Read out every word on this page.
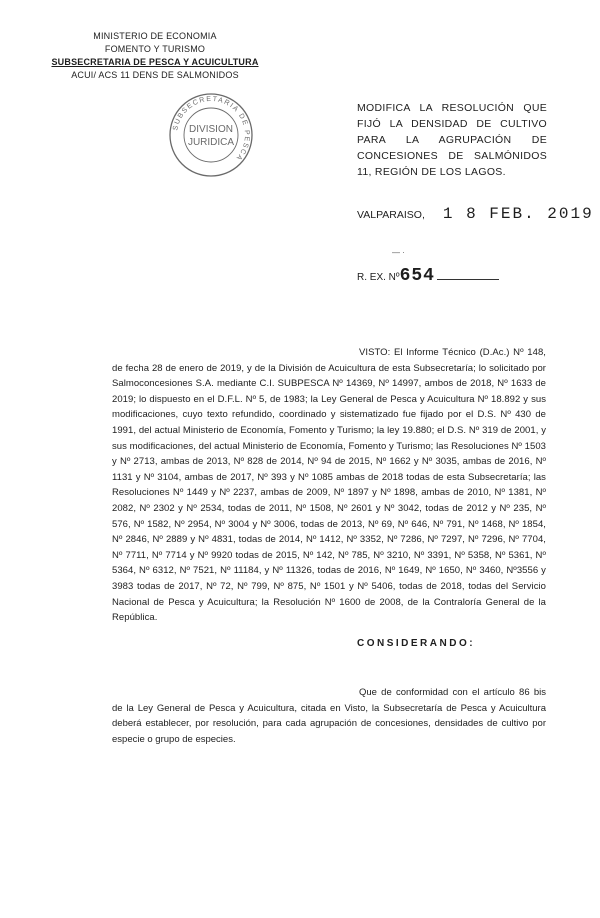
MINISTERIO DE ECONOMIA
FOMENTO Y TURISMO
SUBSECRETARIA DE PESCA Y ACUICULTURA
ACUI/ ACS 11 DENS DE SALMONIDOS
SUBSECRETARIA DE PESCA
DIVISION
JURIDICA
MODIFICA LA RESOLUCIÓN QUE FIJÓ LA DENSIDAD DE CULTIVO PARA LA AGRUPACIÓN DE CONCESIONES DE SALMÓNIDOS 11, REGIÓN DE LOS LAGOS.
VALPARAISO, 1 8 FEB. 2019
— ·
R. EX. Nº654
VISTO: El Informe Técnico (D.Ac.) Nº 148, de fecha 28 de enero de 2019, y de la División de Acuicultura de esta Subsecretaría; lo solicitado por Salmoconcesiones S.A. mediante C.I. SUBPESCA Nº 14369, Nº 14997, ambos de 2018, Nº 1633 de 2019; lo dispuesto en el D.F.L. Nº 5, de 1983; la Ley General de Pesca y Acuicultura Nº 18.892 y sus modificaciones, cuyo texto refundido, coordinado y sistematizado fue fijado por el D.S. Nº 430 de 1991, del actual Ministerio de Economía, Fomento y Turismo; la ley 19.880; el D.S. Nº 319 de 2001, y sus modificaciones, del actual Ministerio de Economía, Fomento y Turismo; las Resoluciones Nº 1503 y Nº 2713, ambas de 2013, Nº 828 de 2014, Nº 94 de 2015, Nº 1662 y Nº 3035, ambas de 2016, Nº 1131 y Nº 3104, ambas de 2017, Nº 393 y Nº 1085 ambas de 2018 todas de esta Subsecretaría; las Resoluciones Nº 1449 y Nº 2237, ambas de 2009, Nº 1897 y Nº 1898, ambas de 2010, Nº 1381, Nº 2082, Nº 2302 y Nº 2534, todas de 2011, Nº 1508, Nº 2601 y Nº 3042, todas de 2012 y Nº 235, Nº 576, Nº 1582, Nº 2954, Nº 3004 y Nº 3006, todas de 2013, Nº 69, Nº 646, Nº 791, Nº 1468, Nº 1854, Nº 2846, Nº 2889 y Nº 4831, todas de 2014, Nº 1412, Nº 3352, Nº 7286, Nº 7297, Nº 7296, Nº 7704, Nº 7711, Nº 7714 y Nº 9920 todas de 2015, Nº 142, Nº 785, Nº 3210, Nº 3391, Nº 5358, Nº 5361, Nº 5364, Nº 6312, Nº 7521, Nº 11184, y Nº 11326, todas de 2016, Nº 1649, Nº 1650, Nº 3460, Nº3556 y 3983 todas de 2017, Nº 72, Nº 799, Nº 875, Nº 1501 y Nº 5406, todas de 2018, todas del Servicio Nacional de Pesca y Acuicultura; la Resolución Nº 1600 de 2008, de la Contraloría General de la República.
CONSIDERANDO:
Que de conformidad con el artículo 86 bis de la Ley General de Pesca y Acuicultura, citada en Visto, la Subsecretaría de Pesca y Acuicultura deberá establecer, por resolución, para cada agrupación de concesiones, densidades de cultivo por especie o grupo de especies.
